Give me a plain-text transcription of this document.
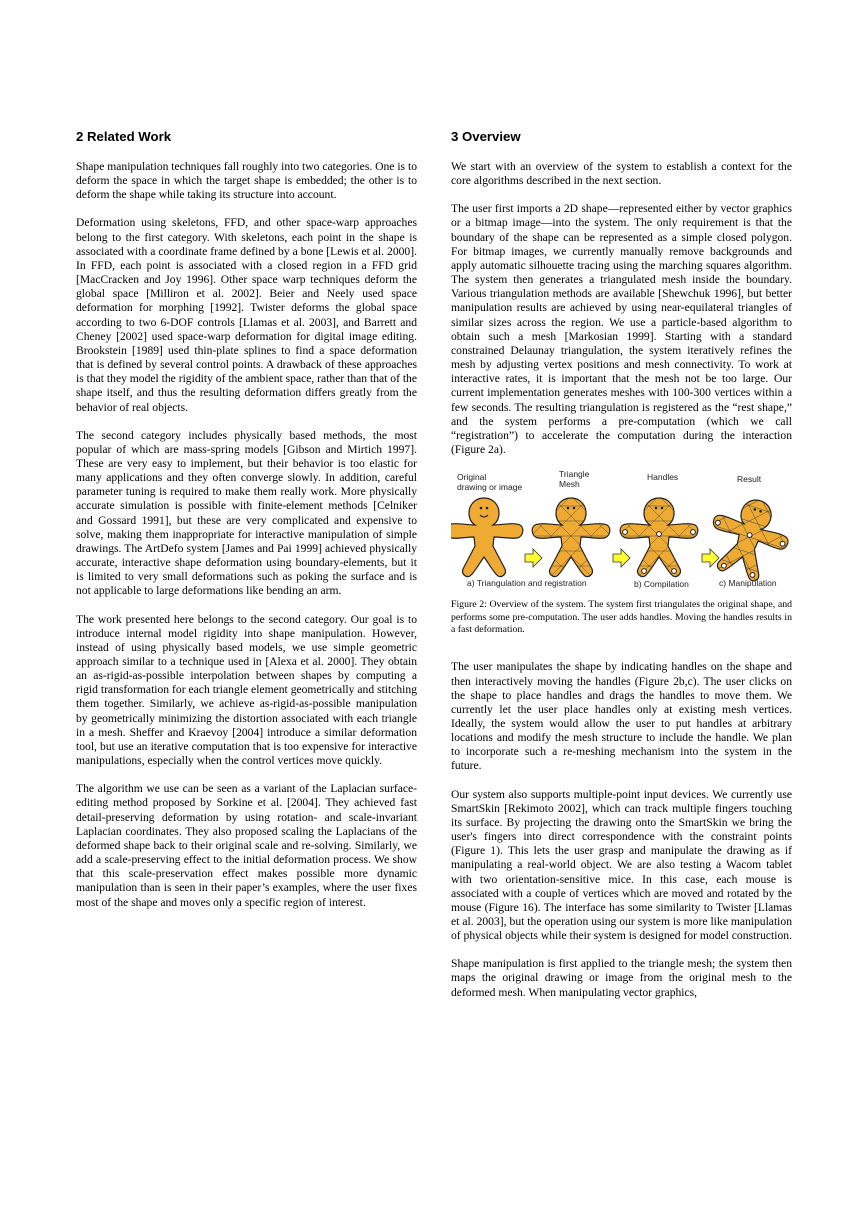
2 Related Work

Shape manipulation techniques fall roughly into two categories. One is to deform the space in which the target shape is embedded; the other is to deform the shape while taking its structure into account.

Deformation using skeletons, FFD, and other space-warp approaches belong to the first category. With skeletons, each point in the shape is associated with a coordinate frame defined by a bone [Lewis et al. 2000]. In FFD, each point is associated with a closed region in a FFD grid [MacCracken and Joy 1996]. Other space warp techniques deform the global space [Milliron et al. 2002]. Beier and Neely used space deformation for morphing [1992]. Twister deforms the global space according to two 6-DOF controls [Llamas et al. 2003], and Barrett and Cheney [2002] used space-warp deformation for digital image editing. Brookstein [1989] used thin-plate splines to find a space deformation that is defined by several control points. A drawback of these approaches is that they model the rigidity of the ambient space, rather than that of the shape itself, and thus the resulting deformation differs greatly from the behavior of real objects.

The second category includes physically based methods, the most popular of which are mass-spring models [Gibson and Mirtich 1997]. These are very easy to implement, but their behavior is too elastic for many applications and they often converge slowly. In addition, careful parameter tuning is required to make them really work. More physically accurate simulation is possible with finite-element methods [Celniker and Gossard 1991], but these are very complicated and expensive to solve, making them inappropriate for interactive manipulation of simple drawings. The ArtDefo system [James and Pai 1999] achieved physically accurate, interactive shape deformation using boundary-elements, but it is limited to very small deformations such as poking the surface and is not applicable to large deformations like bending an arm.

The work presented here belongs to the second category. Our goal is to introduce internal model rigidity into shape manipulation. However, instead of using physically based models, we use simple geometric approach similar to a technique used in [Alexa et al. 2000]. They obtain an as-rigid-as-possible interpolation between shapes by computing a rigid transformation for each triangle element geometrically and stitching them together. Similarly, we achieve as-rigid-as-possible manipulation by geometrically minimizing the distortion associated with each triangle in a mesh. Sheffer and Kraevoy [2004] introduce a similar deformation tool, but use an iterative computation that is too expensive for interactive manipulations, especially when the control vertices move quickly.

The algorithm we use can be seen as a variant of the Laplacian surface-editing method proposed by Sorkine et al. [2004]. They achieved fast detail-preserving deformation by using rotation- and scale-invariant Laplacian coordinates. They also proposed scaling the Laplacians of the deformed shape back to their original scale and re-solving. Similarly, we add a scale-preserving effect to the initial deformation process. We show that this scale-preservation effect makes possible more dynamic manipulation than is seen in their paper’s examples, where the user fixes most of the shape and moves only a specific region of interest.

3 Overview

We start with an overview of the system to establish a context for the core algorithms described in the next section.

The user first imports a 2D shape—represented either by vector graphics or a bitmap image—into the system. The only requirement is that the boundary of the shape can be represented as a simple closed polygon. For bitmap images, we currently manually remove backgrounds and apply automatic silhouette tracing using the marching squares algorithm. The system then generates a triangulated mesh inside the boundary. Various triangulation methods are available [Shewchuk 1996], but better manipulation results are achieved by using near-equilateral triangles of similar sizes across the region. We use a particle-based algorithm to obtain such a mesh [Markosian 1999]. Starting with a standard constrained Delaunay triangulation, the system iteratively refines the mesh by adjusting vertex positions and mesh connectivity. To work at interactive rates, it is important that the mesh not be too large. Our current implementation generates meshes with 100-300 vertices within a few seconds. The resulting triangulation is registered as the “rest shape,” and the system performs a pre-computation (which we call “registration”) to accelerate the computation during the interaction (Figure 2a).

Original
drawing or image
Triangle
Mesh
Handles	Result
a) Triangulation and registration	b) Compilation	c) Manipulation
Figure 2: Overview of the system. The system first triangulates the original shape, and performs some pre-computation. The user adds handles. Moving the handles results in a fast deformation.

The user manipulates the shape by indicating handles on the shape and then interactively moving the handles (Figure 2b,c). The user clicks on the shape to place handles and drags the handles to move them. We currently let the user place handles only at existing mesh vertices. Ideally, the system would allow the user to put handles at arbitrary locations and modify the mesh structure to include the handle. We plan to incorporate such a re-meshing mechanism into the system in the future.

Our system also supports multiple-point input devices. We currently use SmartSkin [Rekimoto 2002], which can track multiple fingers touching its surface. By projecting the drawing onto the SmartSkin we bring the user's fingers into direct correspondence with the constraint points (Figure 1). This lets the user grasp and manipulate the drawing as if manipulating a real-world object. We are also testing a Wacom tablet with two orientation-sensitive mice. In this case, each mouse is associated with a couple of vertices which are moved and rotated by the mouse (Figure 16). The interface has some similarity to Twister [Llamas et al. 2003], but the operation using our system is more like manipulation of physical objects while their system is designed for model construction.

Shape manipulation is first applied to the triangle mesh; the system then maps the original drawing or image from the original mesh to the deformed mesh. When manipulating vector graphics,
